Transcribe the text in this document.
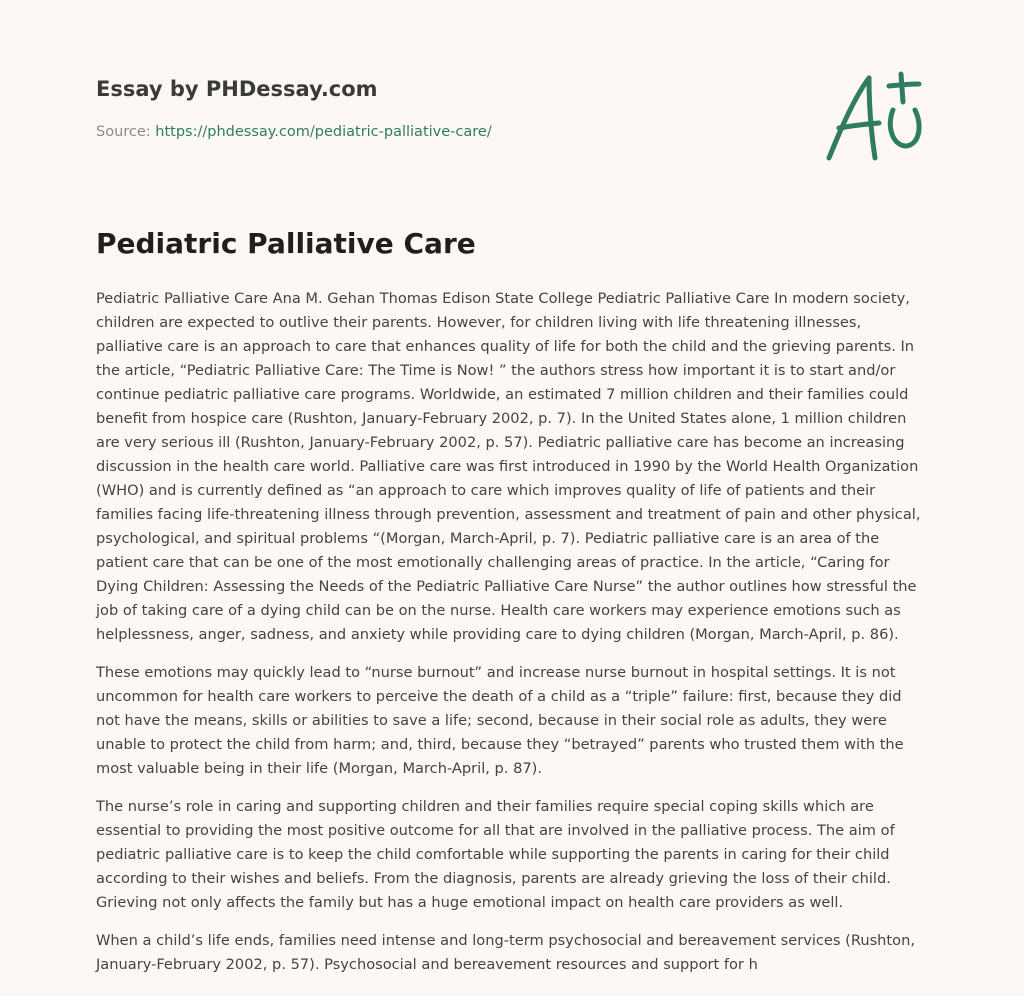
Essay by PHDessay.com
Source: https://phdessay.com/pediatric-palliative-care/
Pediatric Palliative Care

Pediatric Palliative Care Ana M. Gehan Thomas Edison State College Pediatric Palliative Care In modern society, children are expected to outlive their parents. However, for children living with life threatening illnesses, palliative care is an approach to care that enhances quality of life for both the child and the grieving parents. In the article, “Pediatric Palliative Care: The Time is Now! ” the authors stress how important it is to start and/or continue pediatric palliative care programs. Worldwide, an estimated 7 million children and their families could benefit from hospice care (Rushton, January-February 2002, p. 7). In the United States alone, 1 million children are very serious ill (Rushton, January-February 2002, p. 57). Pediatric palliative care has become an increasing discussion in the health care world. Palliative care was first introduced in 1990 by the World Health Organization (WHO) and is currently defined as “an approach to care which improves quality of life of patients and their families facing life-threatening illness through prevention, assessment and treatment of pain and other physical, psychological, and spiritual problems “(Morgan, March-April, p. 7). Pediatric palliative care is an area of the patient care that can be one of the most emotionally challenging areas of practice. In the article, “Caring for Dying Children: Assessing the Needs of the Pediatric Palliative Care Nurse” the author outlines how stressful the job of taking care of a dying child can be on the nurse. Health care workers may experience emotions such as helplessness, anger, sadness, and anxiety while providing care to dying children (Morgan, March-April, p. 86).

These emotions may quickly lead to “nurse burnout” and increase nurse burnout in hospital settings. It is not uncommon for health care workers to perceive the death of a child as a “triple” failure: first, because they did not have the means, skills or abilities to save a life; second, because in their social role as adults, they were unable to protect the child from harm; and, third, because they “betrayed” parents who trusted them with the most valuable being in their life (Morgan, March-April, p. 87).

The nurse’s role in caring and supporting children and their families require special coping skills which are essential to providing the most positive outcome for all that are involved in the palliative process. The aim of pediatric palliative care is to keep the child comfortable while supporting the parents in caring for their child according to their wishes and beliefs. From the diagnosis, parents are already grieving the loss of their child. Grieving not only affects the family but has a huge emotional impact on health care providers as well.

When a child’s life ends, families need intense and long-term psychosocial and bereavement services (Rushton, January-February 2002, p. 57). Psychosocial and bereavement resources and support for h
